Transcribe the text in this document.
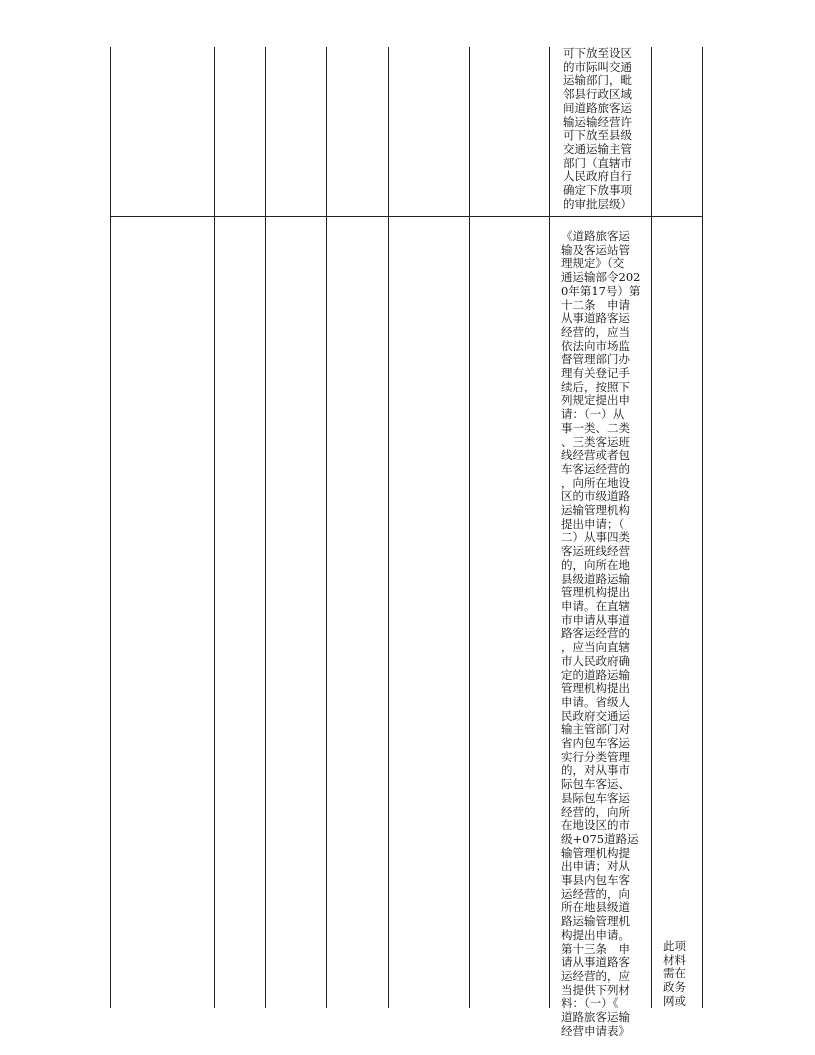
可下放至设区
的市际叫交通
运输部门，毗
邻县行政区域
间道路旅客运
输运输经营许
可下放至县级
交通运输主管
部门（直辖市
人民政府自行
确定下放事项
的审批层级）
《道路旅客运
输及客运站管
理规定》（交
通运输部令202
0年第17号）第
十二条　申请
从事道路客运
经营的，应当
依法向市场监
督管理部门办
理有关登记手
续后，按照下
列规定提出申
请：（一）从
事一类、二类
、三类客运班
线经营或者包
车客运经营的
，向所在地设
区的市级道路
运输管理机构
提出申请；（
二）从事四类
客运班线经营
的，向所在地
县级道路运输
管理机构提出
申请。在直辖
市申请从事道
路客运经营的
，应当向直辖
市人民政府确
定的道路运输
管理机构提出
申请。省级人
民政府交通运
输主管部门对
省内包车客运
实行分类管理
的，对从事市
际包车客运、
县际包车客运
经营的，向所
在地设区的市
级+075道路运
输管理机构提
出申请；对从
事县内包车客
运经营的，向
所在地县级道
路运输管理机
构提出申请。
第十三条　申
请从事道路客
运经营的，应
当提供下列材
料：（一）《
道路旅客运输
经营申请表》
此项
材料
需在
政务
网或
